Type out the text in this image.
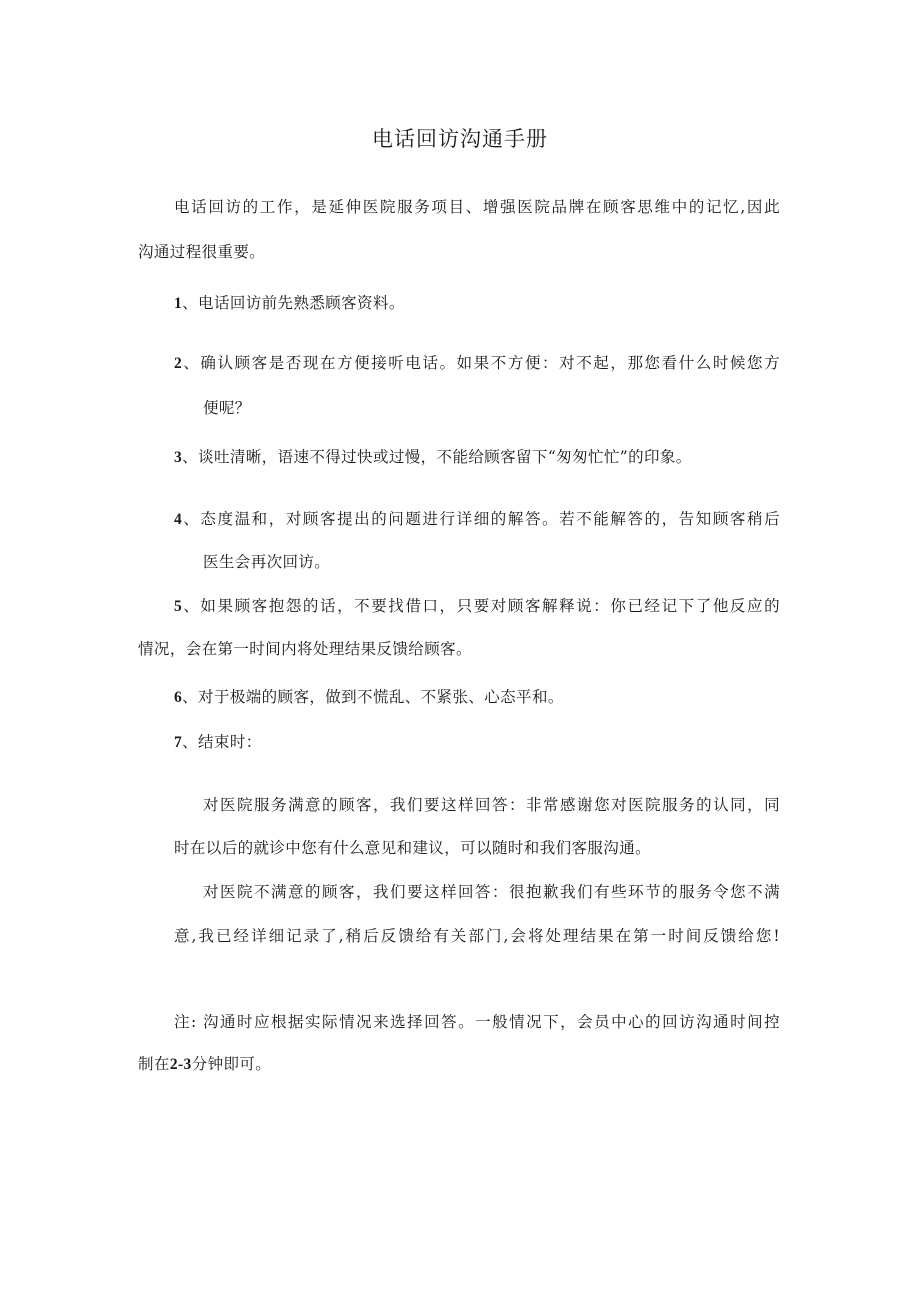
电话回访沟通手册
电话回访的工作，是延伸医院服务项目、增强医院品牌在顾客思维中的记忆,因此
沟通过程很重要。
1、电话回访前先熟悉顾客资料。
2、确认顾客是否现在方便接听电话。如果不方便：对不起，那您看什么时候您方
便呢？
3、谈吐清晰，语速不得过快或过慢，不能给顾客留下“匆匆忙忙”的印象。
4、态度温和，对顾客提出的问题进行详细的解答。若不能解答的，告知顾客稍后
医生会再次回访。
5、如果顾客抱怨的话，不要找借口，只要对顾客解释说：你已经记下了他反应的
情况，会在第一时间内将处理结果反馈给顾客。
6、对于极端的顾客，做到不慌乱、不紧张、心态平和。
7、结束时：
对医院服务满意的顾客，我们要这样回答：非常感谢您对医院服务的认同，同
时在以后的就诊中您有什么意见和建议，可以随时和我们客服沟通。
对医院不满意的顾客，我们要这样回答：很抱歉我们有些环节的服务令您不满
意,我已经详细记录了,稍后反馈给有关部门,会将处理结果在第一时间反馈给您!
注: 沟通时应根据实际情况来选择回答。一般情况下，会员中心的回访沟通时间控
制在2-3分钟即可。
